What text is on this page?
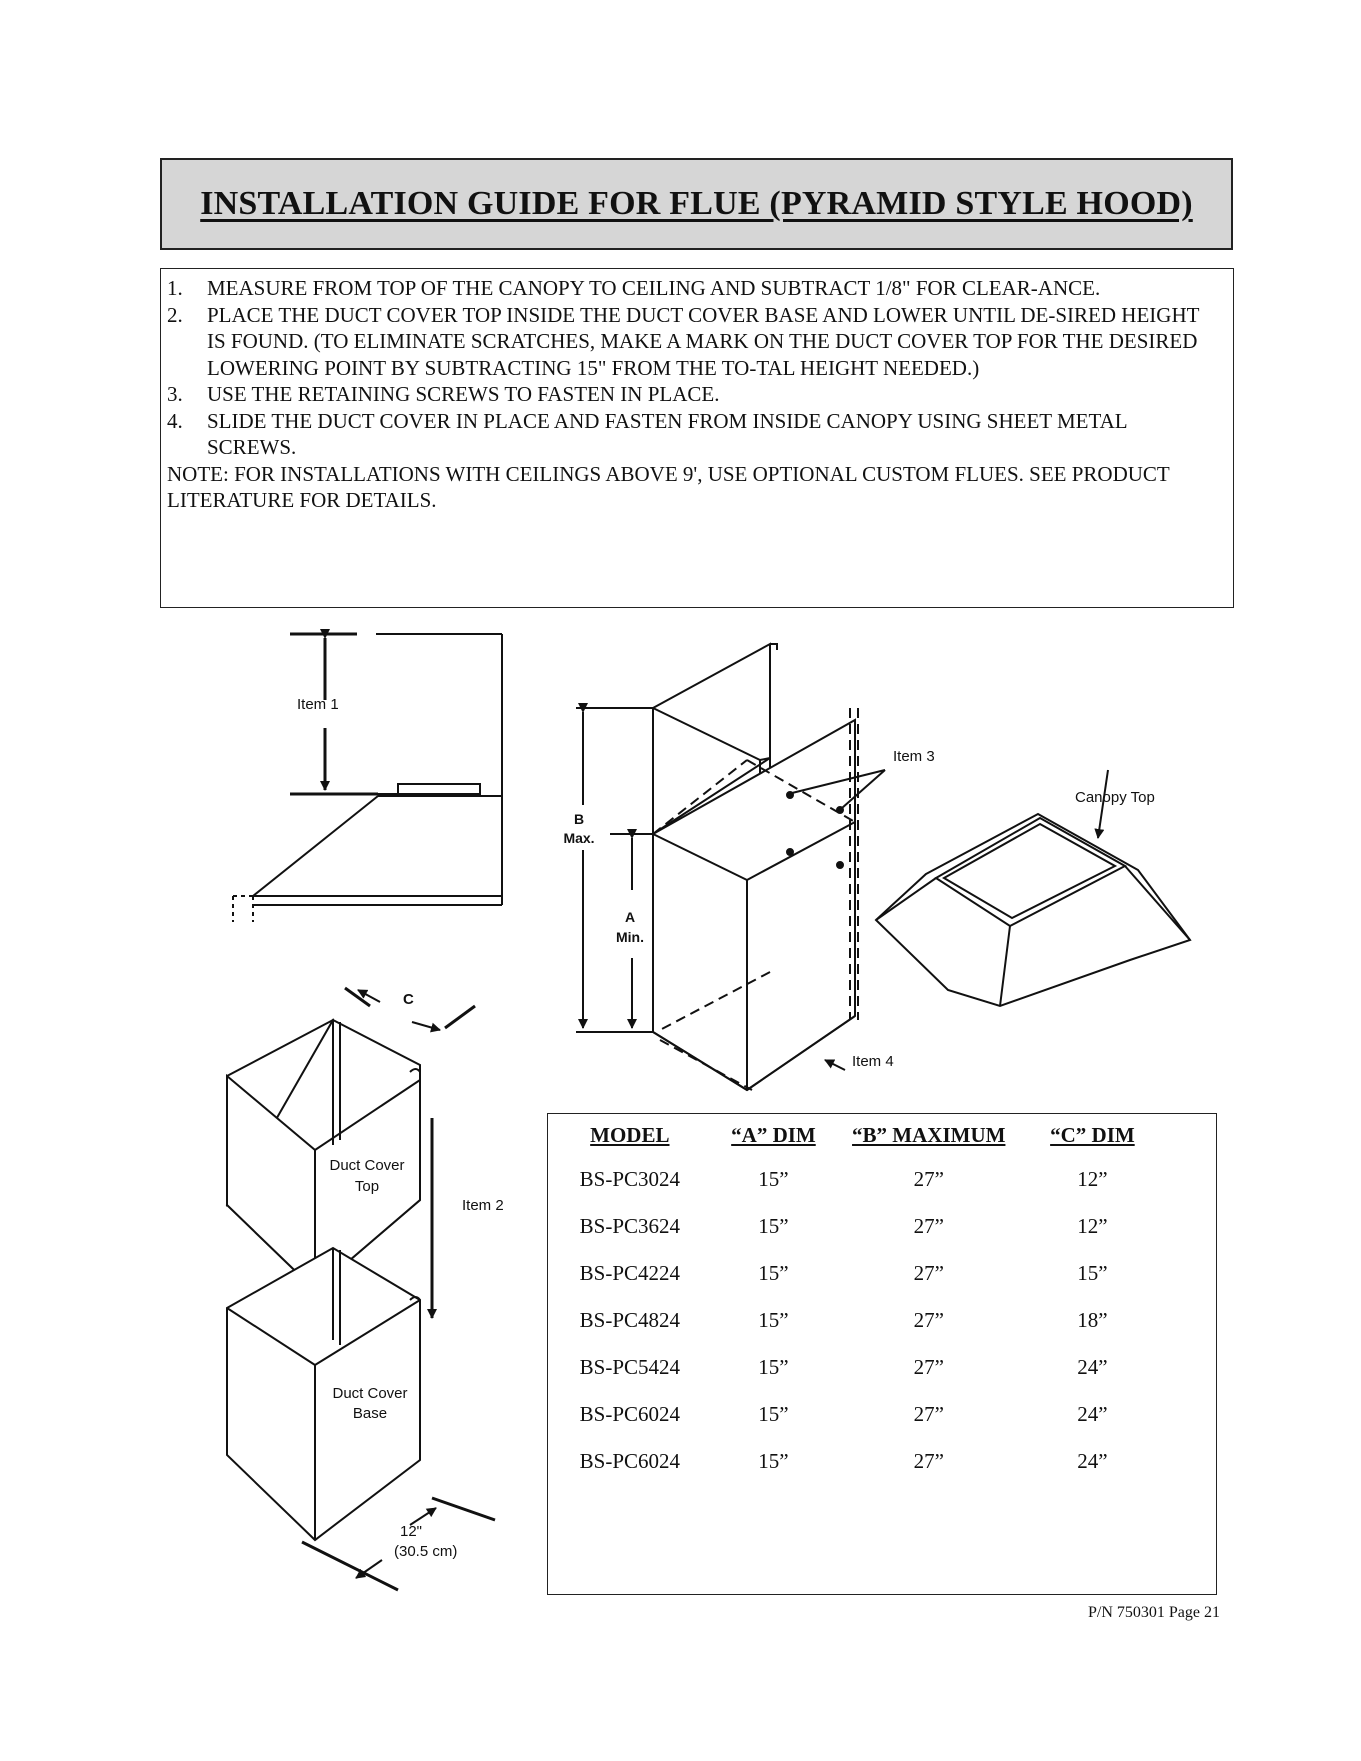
INSTALLATION GUIDE FOR FLUE (PYRAMID STYLE HOOD)
1. MEASURE FROM TOP OF THE CANOPY TO CEILING AND SUBTRACT 1/8" FOR CLEAR-ANCE.
2. PLACE THE DUCT COVER TOP INSIDE THE DUCT COVER BASE AND LOWER UNTIL DE-SIRED HEIGHT IS FOUND. (TO ELIMINATE SCRATCHES, MAKE A MARK ON THE DUCT COVER TOP FOR THE DESIRED LOWERING POINT BY SUBTRACTING 15" FROM THE TO-TAL HEIGHT NEEDED.)
3. USE THE RETAINING SCREWS TO FASTEN IN PLACE.
4. SLIDE THE DUCT COVER IN PLACE AND FASTEN FROM INSIDE CANOPY USING SHEET METAL SCREWS.

NOTE: FOR INSTALLATIONS WITH CEILINGS ABOVE 9', USE OPTIONAL CUSTOM FLUES. SEE PRODUCT LITERATURE FOR DETAILS.

Item 1
B
Max.
A
Min.
Item 3
Item 4
Canopy Top
C
Duct Cover
Top
Item 2
Duct Cover
Base
12"
(30.5 cm)
MODEL	“A” DIM	“B” MAXIMUM	“C” DIM	
BS-PC3024	15”	27”	12”	
BS-PC3624	15”	27”	12”	
BS-PC4224	15”	27”	15”	
BS-PC4824	15”	27”	18”	
BS-PC5424	15”	27”	24”	
BS-PC6024	15”	27”	24”	
BS-PC6024	15”	27”	24”	
P/N 750301 Page 21
